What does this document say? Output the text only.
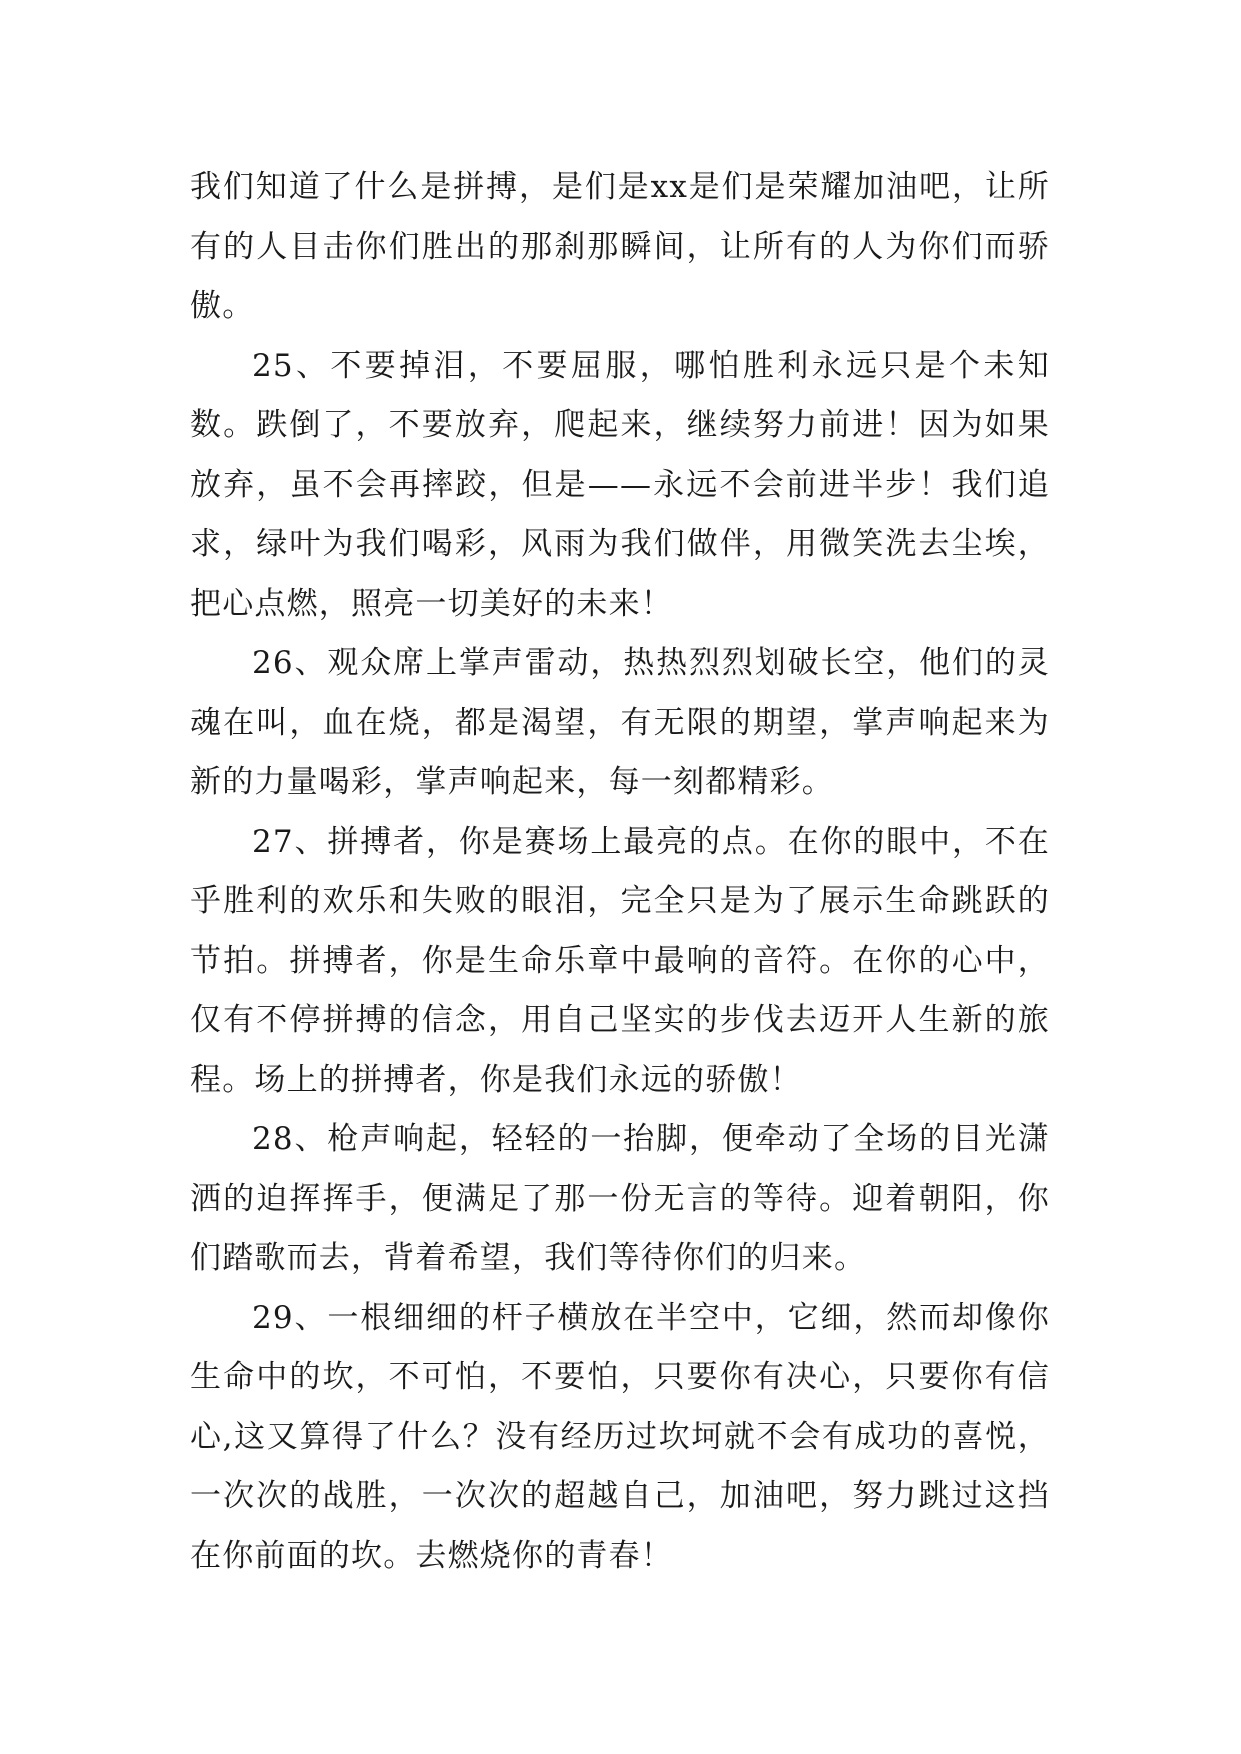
我们知道了什么是拼搏，是们是xx是们是荣耀加油吧，让所有的人目击你们胜出的那刹那瞬间，让所有的人为你们而骄傲。

25、不要掉泪，不要屈服，哪怕胜利永远只是个未知数。跌倒了，不要放弃，爬起来，继续努力前进！因为如果放弃，虽不会再摔跤，但是——永远不会前进半步！我们追求，绿叶为我们喝彩，风雨为我们做伴，用微笑洗去尘埃，把心点燃，照亮一切美好的未来！

26、观众席上掌声雷动，热热烈烈划破长空，他们的灵魂在叫，血在烧，都是渴望，有无限的期望，掌声响起来为新的力量喝彩，掌声响起来，每一刻都精彩。

27、拼搏者，你是赛场上最亮的点。在你的眼中，不在乎胜利的欢乐和失败的眼泪，完全只是为了展示生命跳跃的节拍。拼搏者，你是生命乐章中最响的音符。在你的心中，仅有不停拼搏的信念，用自己坚实的步伐去迈开人生新的旅程。场上的拼搏者，你是我们永远的骄傲！

28、枪声响起，轻轻的一抬脚，便牵动了全场的目光潇洒的迫挥挥手，便满足了那一份无言的等待。迎着朝阳，你们踏歌而去，背着希望，我们等待你们的归来。

29、一根细细的杆子横放在半空中，它细，然而却像你生命中的坎，不可怕，不要怕，只要你有决心，只要你有信心,这又算得了什么？没有经历过坎坷就不会有成功的喜悦，一次次的战胜，一次次的超越自己，加油吧，努力跳过这挡在你前面的坎。去燃烧你的青春！
